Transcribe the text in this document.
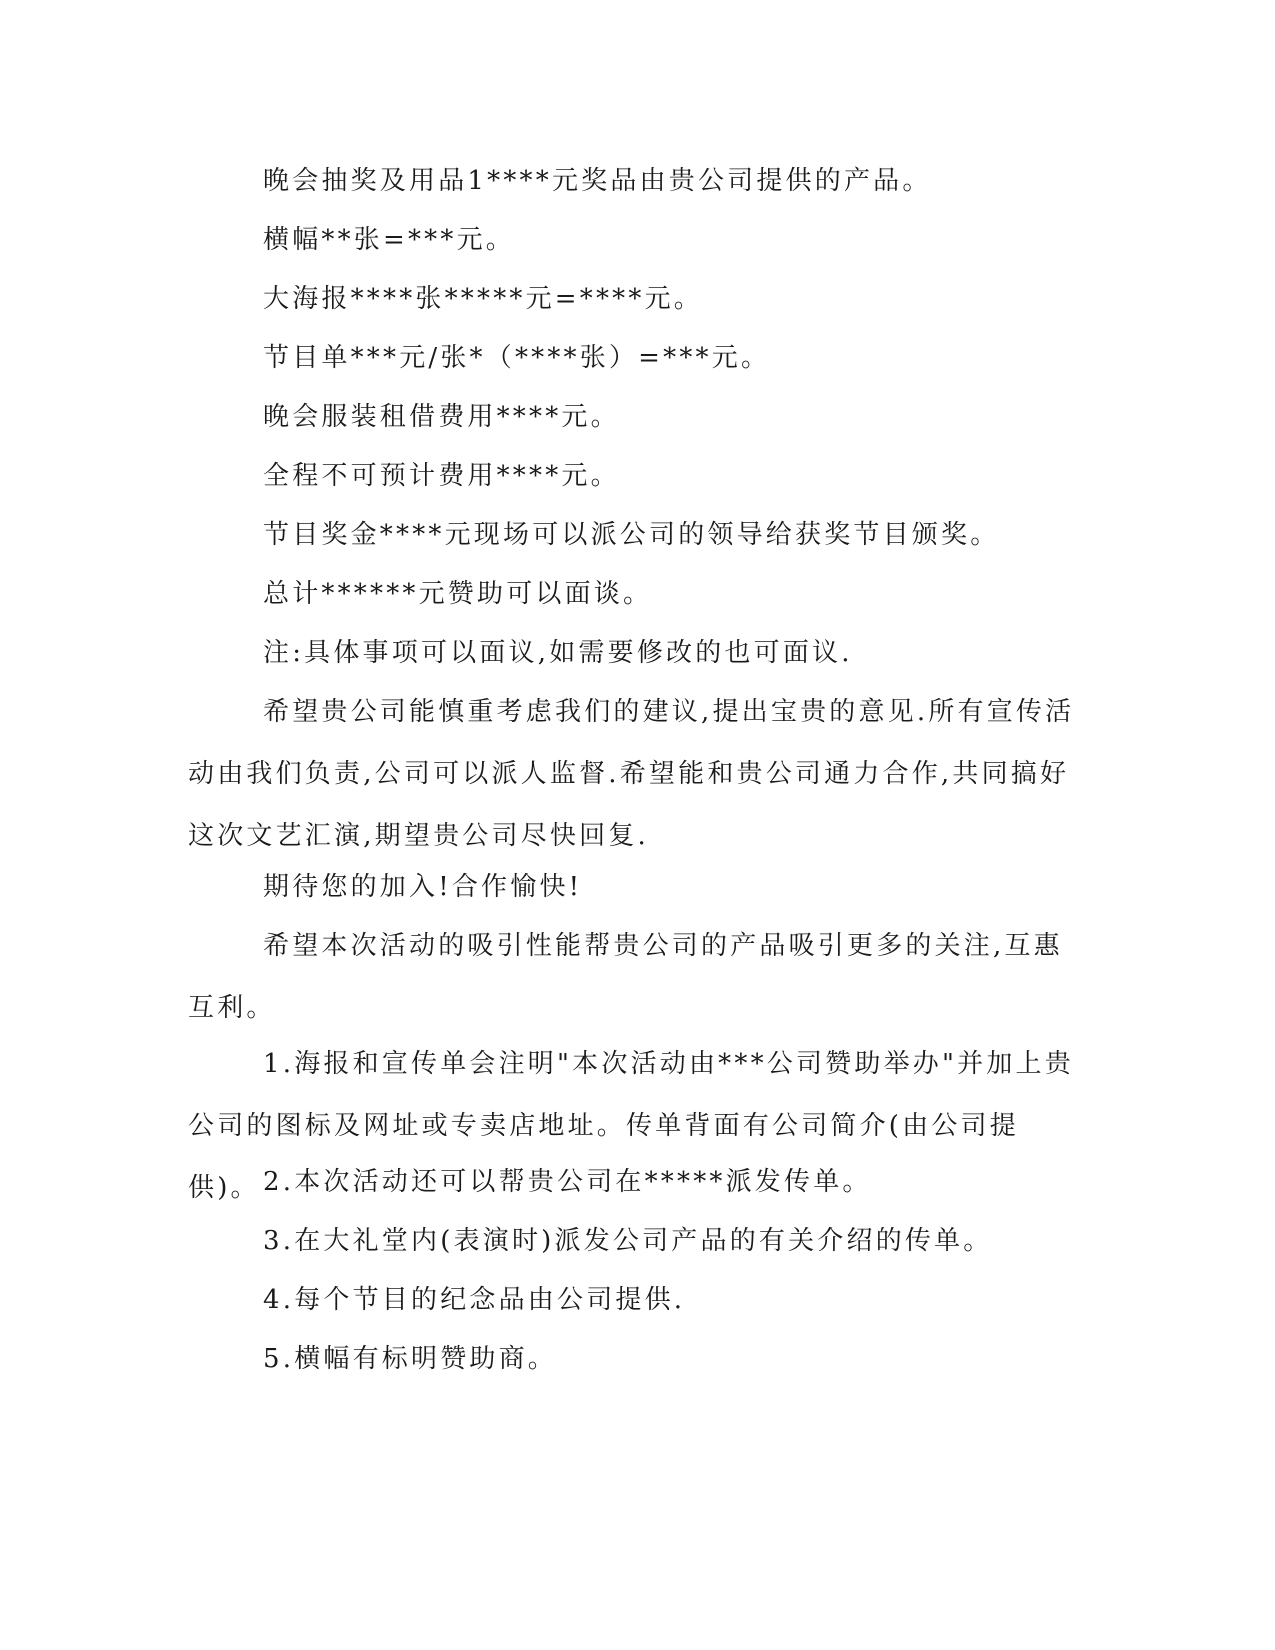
晚会抽奖及用品1****元奖品由贵公司提供的产品。

横幅**张=***元。

大海报****张*****元=****元。

节目单***元/张*（****张）=***元。

晚会服装租借费用****元。

全程不可预计费用****元。

节目奖金****元现场可以派公司的领导给获奖节目颁奖。

总计******元赞助可以面谈。

注:具体事项可以面议,如需要修改的也可面议.

希望贵公司能慎重考虑我们的建议,提出宝贵的意见.所有宣传活动由我们负责,公司可以派人监督.希望能和贵公司通力合作,共同搞好这次文艺汇演,期望贵公司尽快回复.

期待您的加入!合作愉快!

希望本次活动的吸引性能帮贵公司的产品吸引更多的关注,互惠互利。

1.海报和宣传单会注明"本次活动由***公司赞助举办"并加上贵公司的图标及网址或专卖店地址。传单背面有公司简介(由公司提供)。 2.本次活动还可以帮贵公司在*****派发传单。

3.在大礼堂内(表演时)派发公司产品的有关介绍的传单。

4.每个节目的纪念品由公司提供.

5.横幅有标明赞助商。
